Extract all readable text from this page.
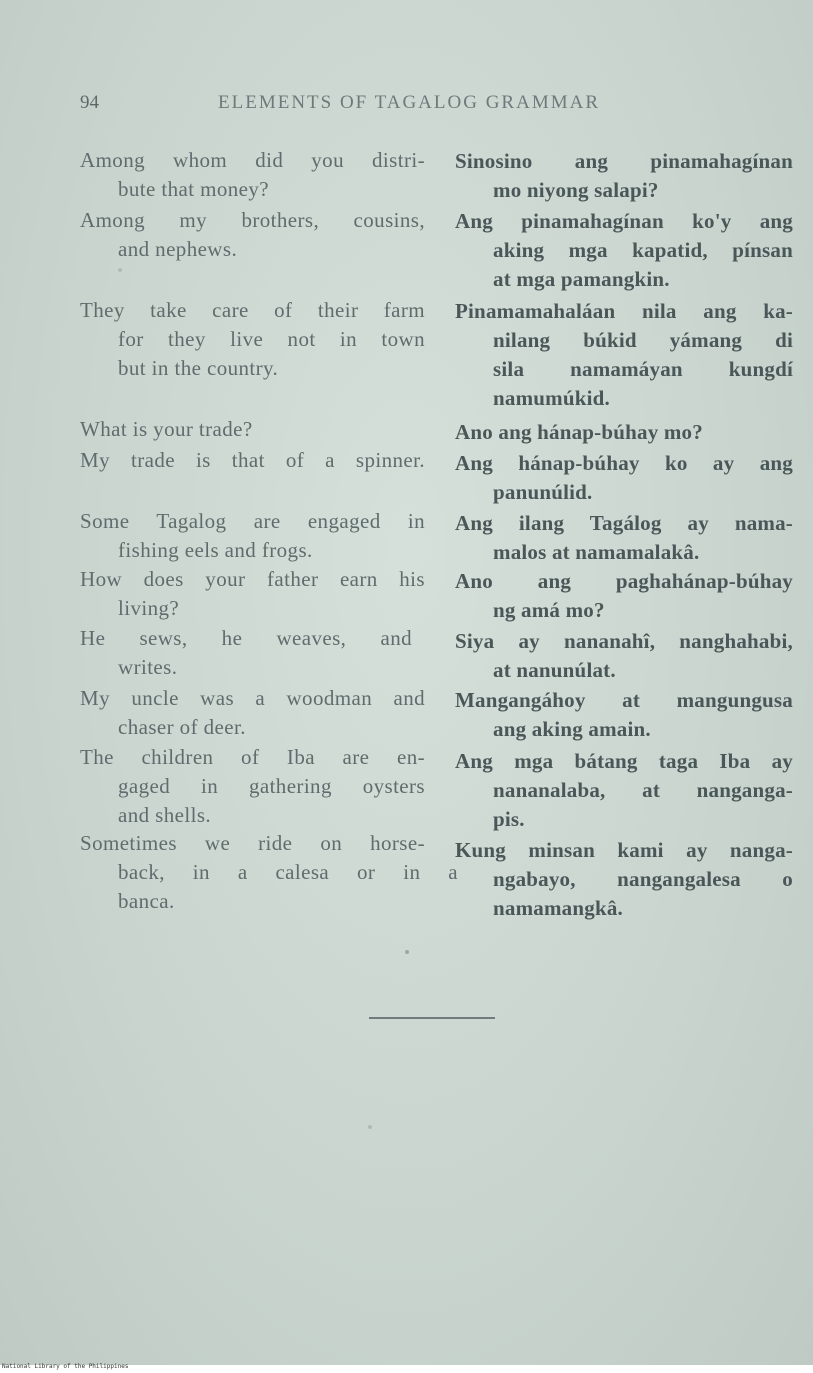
94	ELEMENTS OF TAGALOG GRAMMAR
Among whom did you distri-
bute that money?
Among my brothers, cousins,
and nephews.
They take care of their farm
for they live not in town
but in the country.
What is your trade?
My trade is that of a spinner.
Some Tagalog are engaged in
fishing eels and frogs.
How does your father earn his
living?
He sews, he weaves, and
writes.
My uncle was a woodman and
chaser of deer.
The children of Iba are en-
gaged in gathering oysters
and shells.
Sometimes we ride on horse-
back, in a calesa or in a
banca.
Sinosino ang pinamahagínan
mo niyong salapi?
Ang pinamahagínan ko'y ang
aking mga kapatid, pínsan
at mga pamangkin.
Pinamamahaláan nila ang ka-
nilang búkid yámang di
sila namamáyan kungdí
namumúkid.
Ano ang hánap-búhay mo?
Ang hánap-búhay ko ay ang
panunúlid.
Ang ilang Tagálog ay nama-
malos at namamalakâ.
Ano ang paghahánap-búhay
ng amá mo?
Siya ay nananahî, nanghahabi,
at nanunúlat.
Mangangáhoy at mangungusa
ang aking amain.
Ang mga bátang taga Iba ay
nananalaba, at nanganga-
pis.
Kung minsan kami ay nanga-
ngabayo, nangangalesa o
namamangkâ.
National Library of the Philippines
